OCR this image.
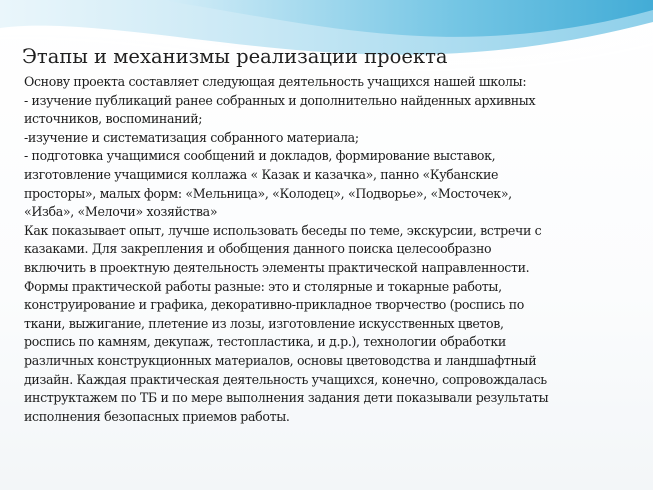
Этапы и механизмы реализации проекта
Основу проекта составляет следующая деятельность учащихся нашей школы:
- изучение публикаций ранее собранных и дополнительно найденных архивных
источников, воспоминаний;
-изучение и систематизация собранного материала;
- подготовка учащимися сообщений и докладов, формирование выставок,
изготовление учащимися коллажа « Казак и казачка», панно «Кубанские
просторы», малых форм: «Мельница», «Колодец», «Подворье», «Мосточек»,
«Изба», «Мелочи» хозяйства»
Как показывает опыт, лучше использовать беседы по теме, экскурсии, встречи с
казаками. Для закрепления и обобщения данного поиска целесообразно
включить в проектную деятельность элементы практической направленности.
Формы практической работы разные: это и столярные и токарные работы,
конструирование и графика, декоративно-прикладное творчество (роспись по
ткани, выжигание, плетение из лозы, изготовление искусственных цветов,
роспись по камням, декупаж, тестопластика, и д.р.), технологии обработки
различных конструкционных материалов, основы цветоводства и ландшафтный
дизайн. Каждая практическая деятельность учащихся, конечно, сопровождалась
инструктажем по ТБ и по мере выполнения задания дети показывали результаты
исполнения безопасных приемов работы.
